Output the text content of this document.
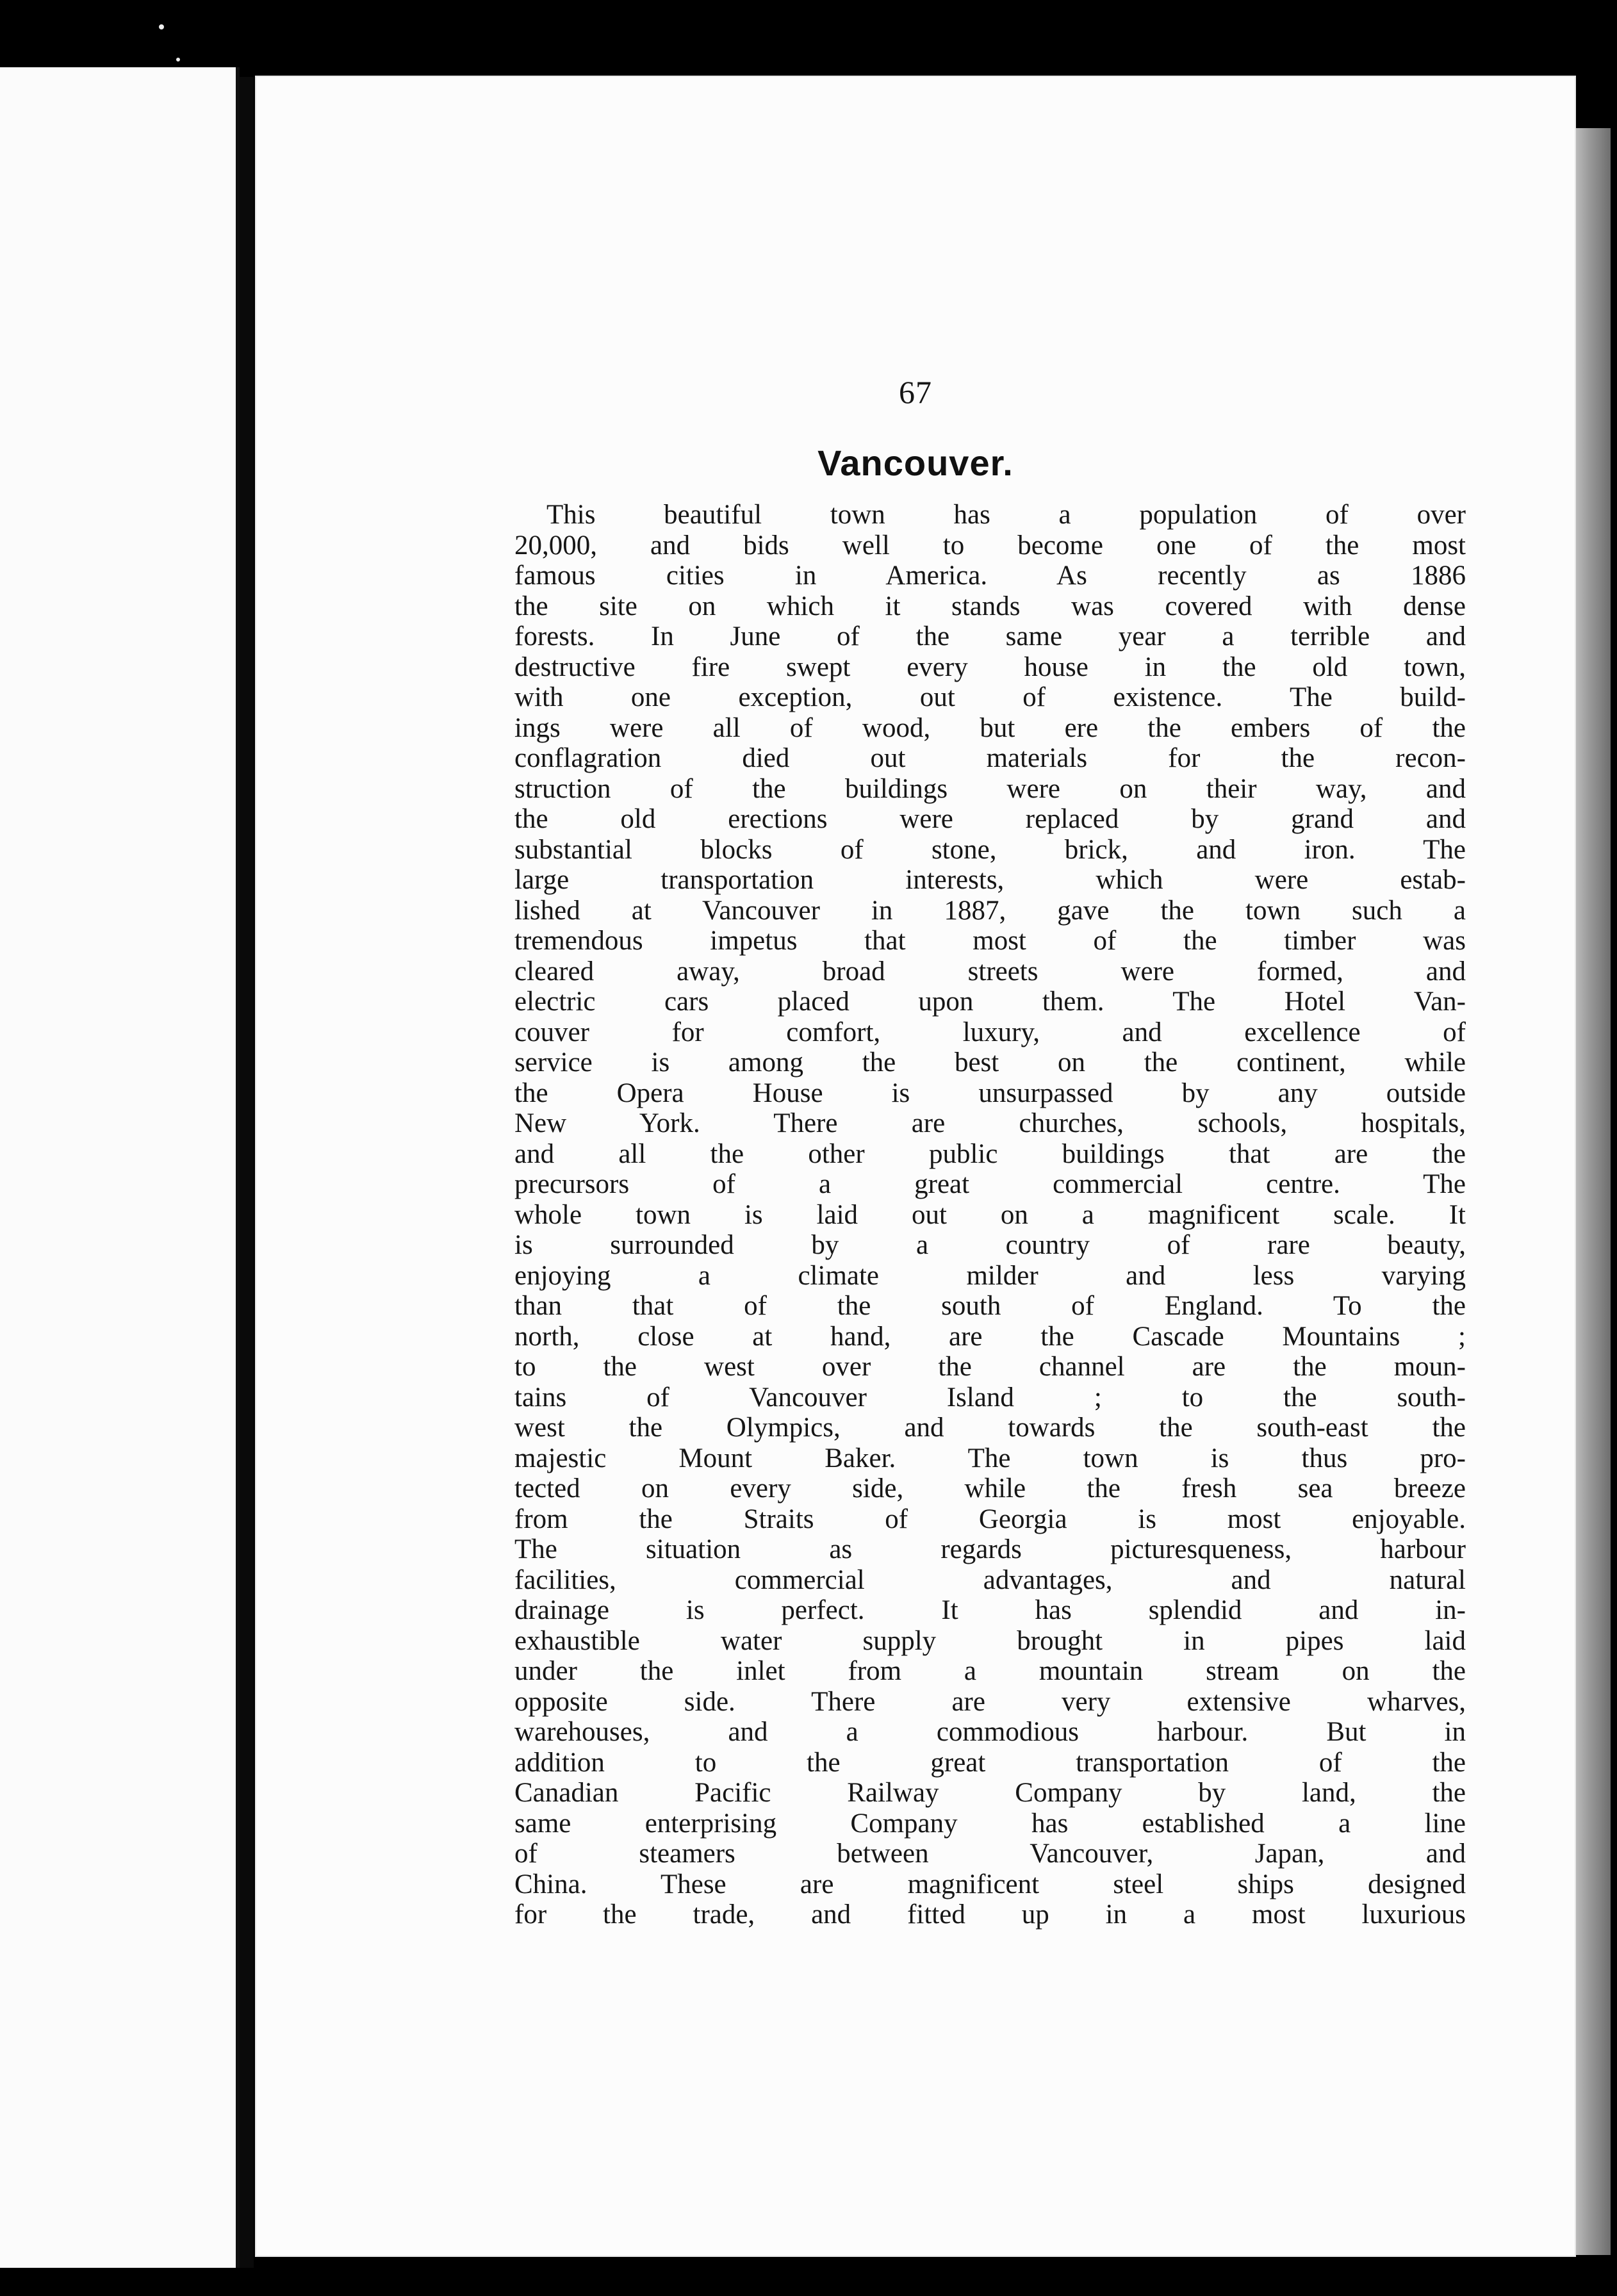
67
Vancouver.
This beautiful town has a population of over
20,000, and bids well to become one of the most
famous cities in America. As recently as 1886
the site on which it stands was covered with dense
forests. In June of the same year a terrible and
destructive fire swept every house in the old town,
with one exception, out of existence. The build-
ings were all of wood, but ere the embers of the
conflagration died out materials for the recon-
struction of the buildings were on their way, and
the old erections were replaced by grand and
substantial blocks of stone, brick, and iron. The
large transportation interests, which were estab-
lished at Vancouver in 1887, gave the town such a
tremendous impetus that most of the timber was
cleared away, broad streets were formed, and
electric cars placed upon them. The Hotel Van-
couver for comfort, luxury, and excellence of
service is among the best on the continent, while
the Opera House is unsurpassed by any outside
New York. There are churches, schools, hospitals,
and all the other public buildings that are the
precursors of a great commercial centre. The
whole town is laid out on a magnificent scale. It
is surrounded by a country of rare beauty,
enjoying a climate milder and less varying
than that of the south of England. To the
north, close at hand, are the Cascade Mountains ;
to the west over the channel are the moun-
tains of Vancouver Island ; to the south-
west the Olympics, and towards the south-east the
majestic Mount Baker. The town is thus pro-
tected on every side, while the fresh sea breeze
from the Straits of Georgia is most enjoyable.
The situation as regards picturesqueness, harbour
facilities, commercial advantages, and natural
drainage is perfect. It has splendid and in-
exhaustible water supply brought in pipes laid
under the inlet from a mountain stream on the
opposite side. There are very extensive wharves,
warehouses, and a commodious harbour. But in
addition to the great transportation of the
Canadian Pacific Railway Company by land, the
same enterprising Company has established a line
of steamers between Vancouver, Japan, and
China. These are magnificent steel ships designed
for the trade, and fitted up in a most luxurious
